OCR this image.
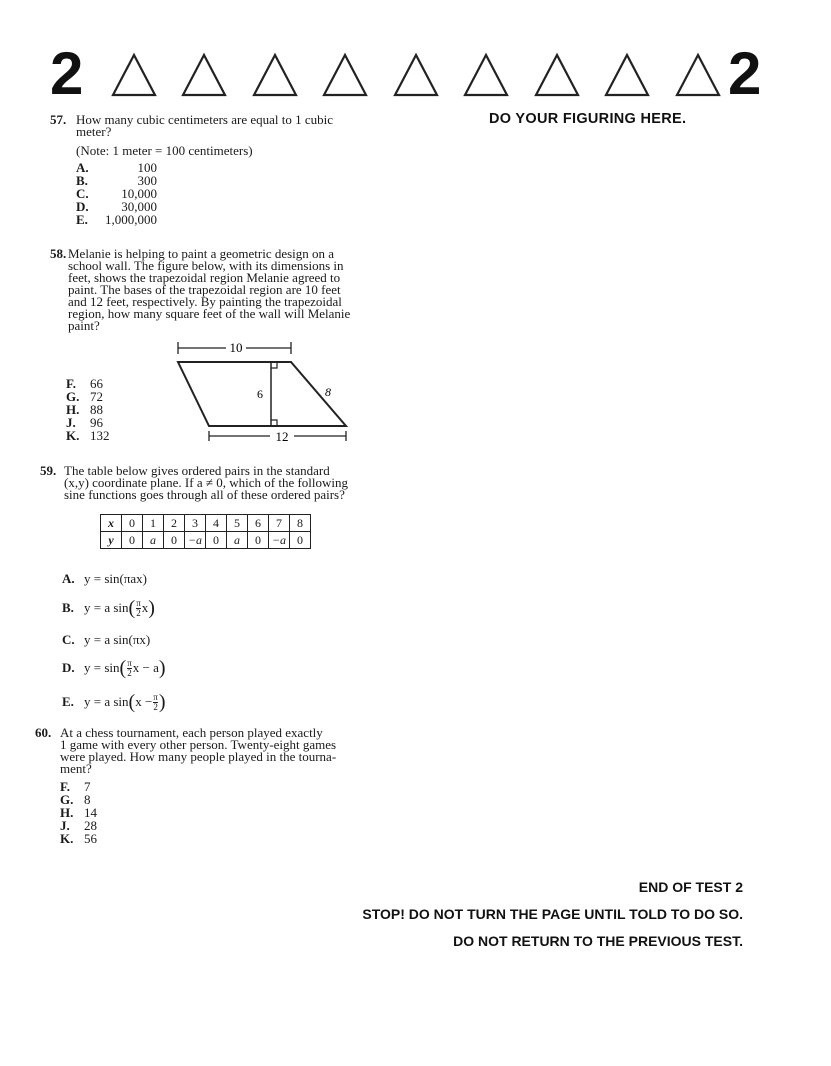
2	2
DO YOUR FIGURING HERE.
57. How many cubic centimeters are equal to 1 cubic
meter?
(Note: 1 meter = 100 centimeters)
A.	100
B.	300
C.	10,000
D.	30,000
E.	1,000,000
58. Melanie is helping to paint a geometric design on a
school wall. The figure below, with its dimensions in
feet, shows the trapezoidal region Melanie agreed to
paint. The bases of the trapezoidal region are 10 feet
and 12 feet, respectively. By painting the trapezoidal
region, how many square feet of the wall will Melanie
paint?
10
6	8
12
F.	66
G. 72
H. 88
J.	96
K. 132
59. The table below gives ordered pairs in the standard
(x,y) coordinate plane. If a ≠ 0, which of the following
sine functions goes through all of these ordered pairs?
x	0	1	2	3	4	5	6	7	8
y	0	a	0	−a	0	a	0	−a	0
A. y = sin(πax)
B. y = a sin ( $\frac{\pi}{2}$ x )
C. y = a sin(πx)
D. y = sin ( $\frac{\pi}{2}$ x − a )
E. y = a sin ( $x - \frac{\pi}{2}$ )
60. At a chess tournament, each person played exactly
1 game with every other person. Twenty-eight games
were played. How many people played in the tourna-
ment?
F.	7
G. 8
H. 14
J.	28
K. 56
END OF TEST 2
STOP! DO NOT TURN THE PAGE UNTIL TOLD TO DO SO.
DO NOT RETURN TO THE PREVIOUS TEST.
